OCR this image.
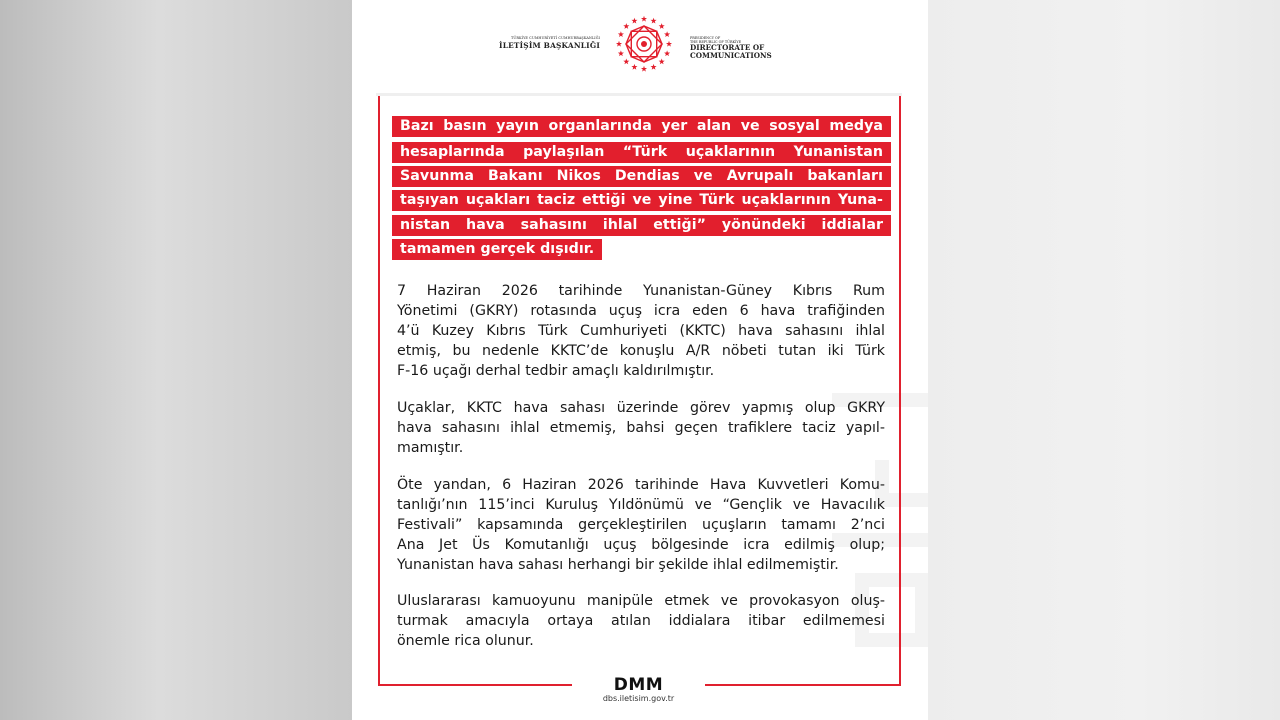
TÜRKİYE CUMHURİYETİ CUMHURBAŞKANLIĞI
İLETİŞİM BAŞKANLIĞI
PRESIDENCY OF
THE REPUBLIC OF TÜRKİYE
DIRECTORATE OF
COMMUNICATIONS
Bazı basın yayın organlarında yer alan ve sosyal medya
hesaplarında paylaşılan “Türk uçaklarının Yunanistan
Savunma Bakanı Nikos Dendias ve Avrupalı bakanları
taşıyan uçakları taciz ettiği ve yine Türk uçaklarının Yuna-
nistan hava sahasını ihlal ettiği” yönündeki iddialar
tamamen gerçek dışıdır.
7 Haziran 2026 tarihinde Yunanistan-Güney Kıbrıs Rum
Yönetimi (GKRY) rotasında uçuş icra eden 6 hava trafiğinden
4’ü Kuzey Kıbrıs Türk Cumhuriyeti (KKTC) hava sahasını ihlal
etmiş, bu nedenle KKTC’de konuşlu A/R nöbeti tutan iki Türk
F-16 uçağı derhal tedbir amaçlı kaldırılmıştır.
Uçaklar, KKTC hava sahası üzerinde görev yapmış olup GKRY
hava sahasını ihlal etmemiş, bahsi geçen trafiklere taciz yapıl-
mamıştır.
Öte yandan, 6 Haziran 2026 tarihinde Hava Kuvvetleri Komu-
tanlığı’nın 115’inci Kuruluş Yıldönümü ve “Gençlik ve Havacılık
Festivali” kapsamında gerçekleştirilen uçuşların tamamı 2’nci
Ana Jet Üs Komutanlığı uçuş bölgesinde icra edilmiş olup;
Yunanistan hava sahası herhangi bir şekilde ihlal edilmemiştir.
Uluslararası kamuoyunu manipüle etmek ve provokasyon oluş-
turmak amacıyla ortaya atılan iddialara itibar edilmemesi
önemle rica olunur.
DMM
dbs.iletisim.gov.tr
